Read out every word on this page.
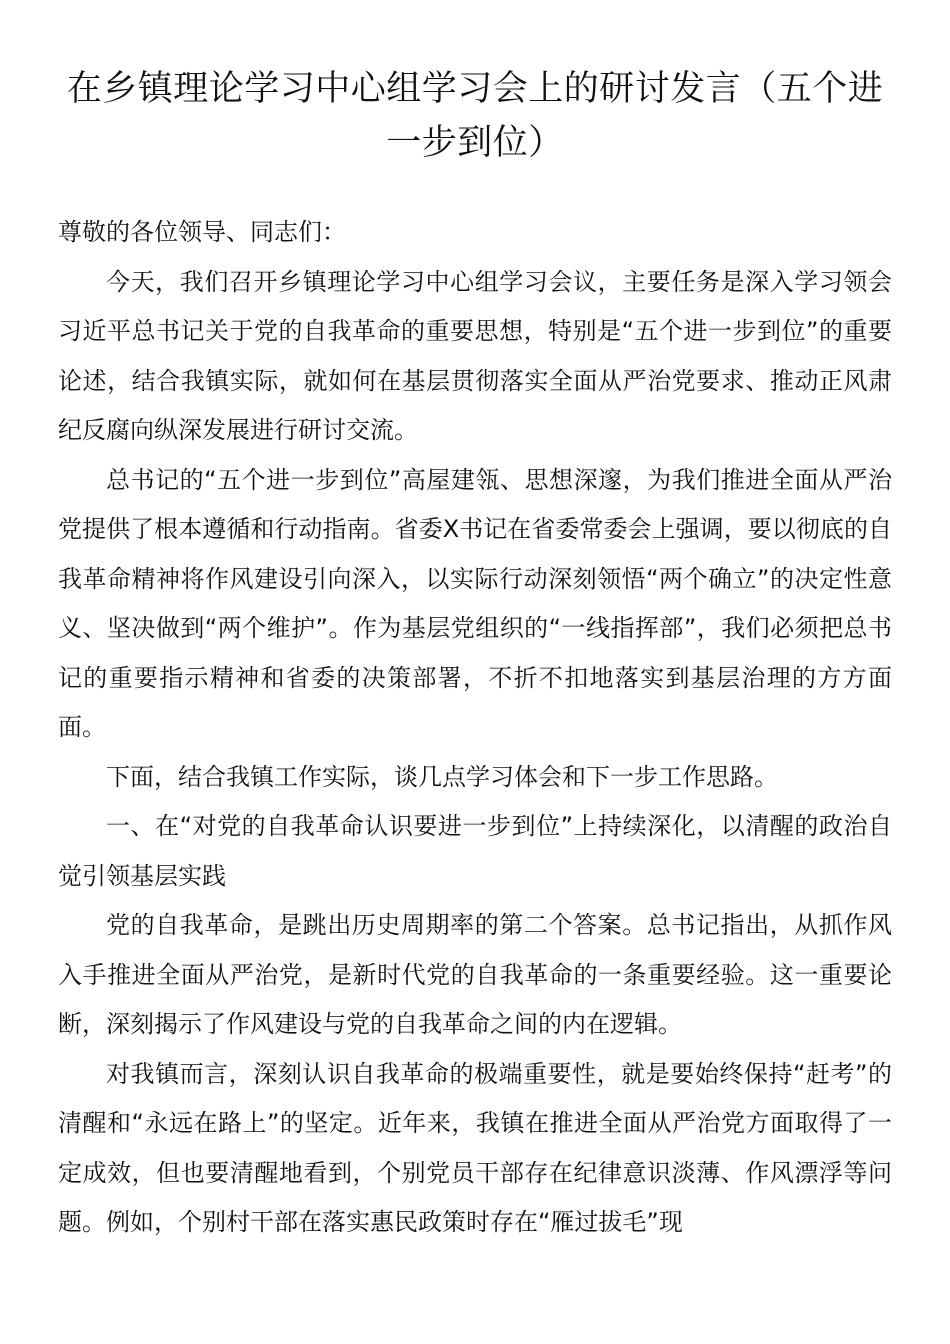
在乡镇理论学习中心组学习会上的研讨发言（五个进一步到位）

尊敬的各位领导、同志们：

今天，我们召开乡镇理论学习中心组学习会议，主要任务是深入学习领会习近平总书记关于党的自我革命的重要思想，特别是“五个进一步到位”的重要论述，结合我镇实际，就如何在基层贯彻落实全面从严治党要求、推动正风肃纪反腐向纵深发展进行研讨交流。

总书记的“五个进一步到位”高屋建瓴、思想深邃，为我们推进全面从严治党提供了根本遵循和行动指南。省委X书记在省委常委会上强调，要以彻底的自我革命精神将作风建设引向深入，以实际行动深刻领悟“两个确立”的决定性意义、坚决做到“两个维护”。作为基层党组织的“一线指挥部”，我们必须把总书记的重要指示精神和省委的决策部署，不折不扣地落实到基层治理的方方面面。

下面，结合我镇工作实际，谈几点学习体会和下一步工作思路。

一、在“对党的自我革命认识要进一步到位”上持续深化，以清醒的政治自觉引领基层实践

党的自我革命，是跳出历史周期率的第二个答案。总书记指出，从抓作风入手推进全面从严治党，是新时代党的自我革命的一条重要经验。这一重要论断，深刻揭示了作风建设与党的自我革命之间的内在逻辑。

对我镇而言，深刻认识自我革命的极端重要性，就是要始终保持“赶考”的清醒和“永远在路上”的坚定。近年来，我镇在推进全面从严治党方面取得了一定成效，但也要清醒地看到，个别党员干部存在纪律意识淡薄、作风漂浮等问题。例如，个别村干部在落实惠民政策时存在“雁过拔毛”现
